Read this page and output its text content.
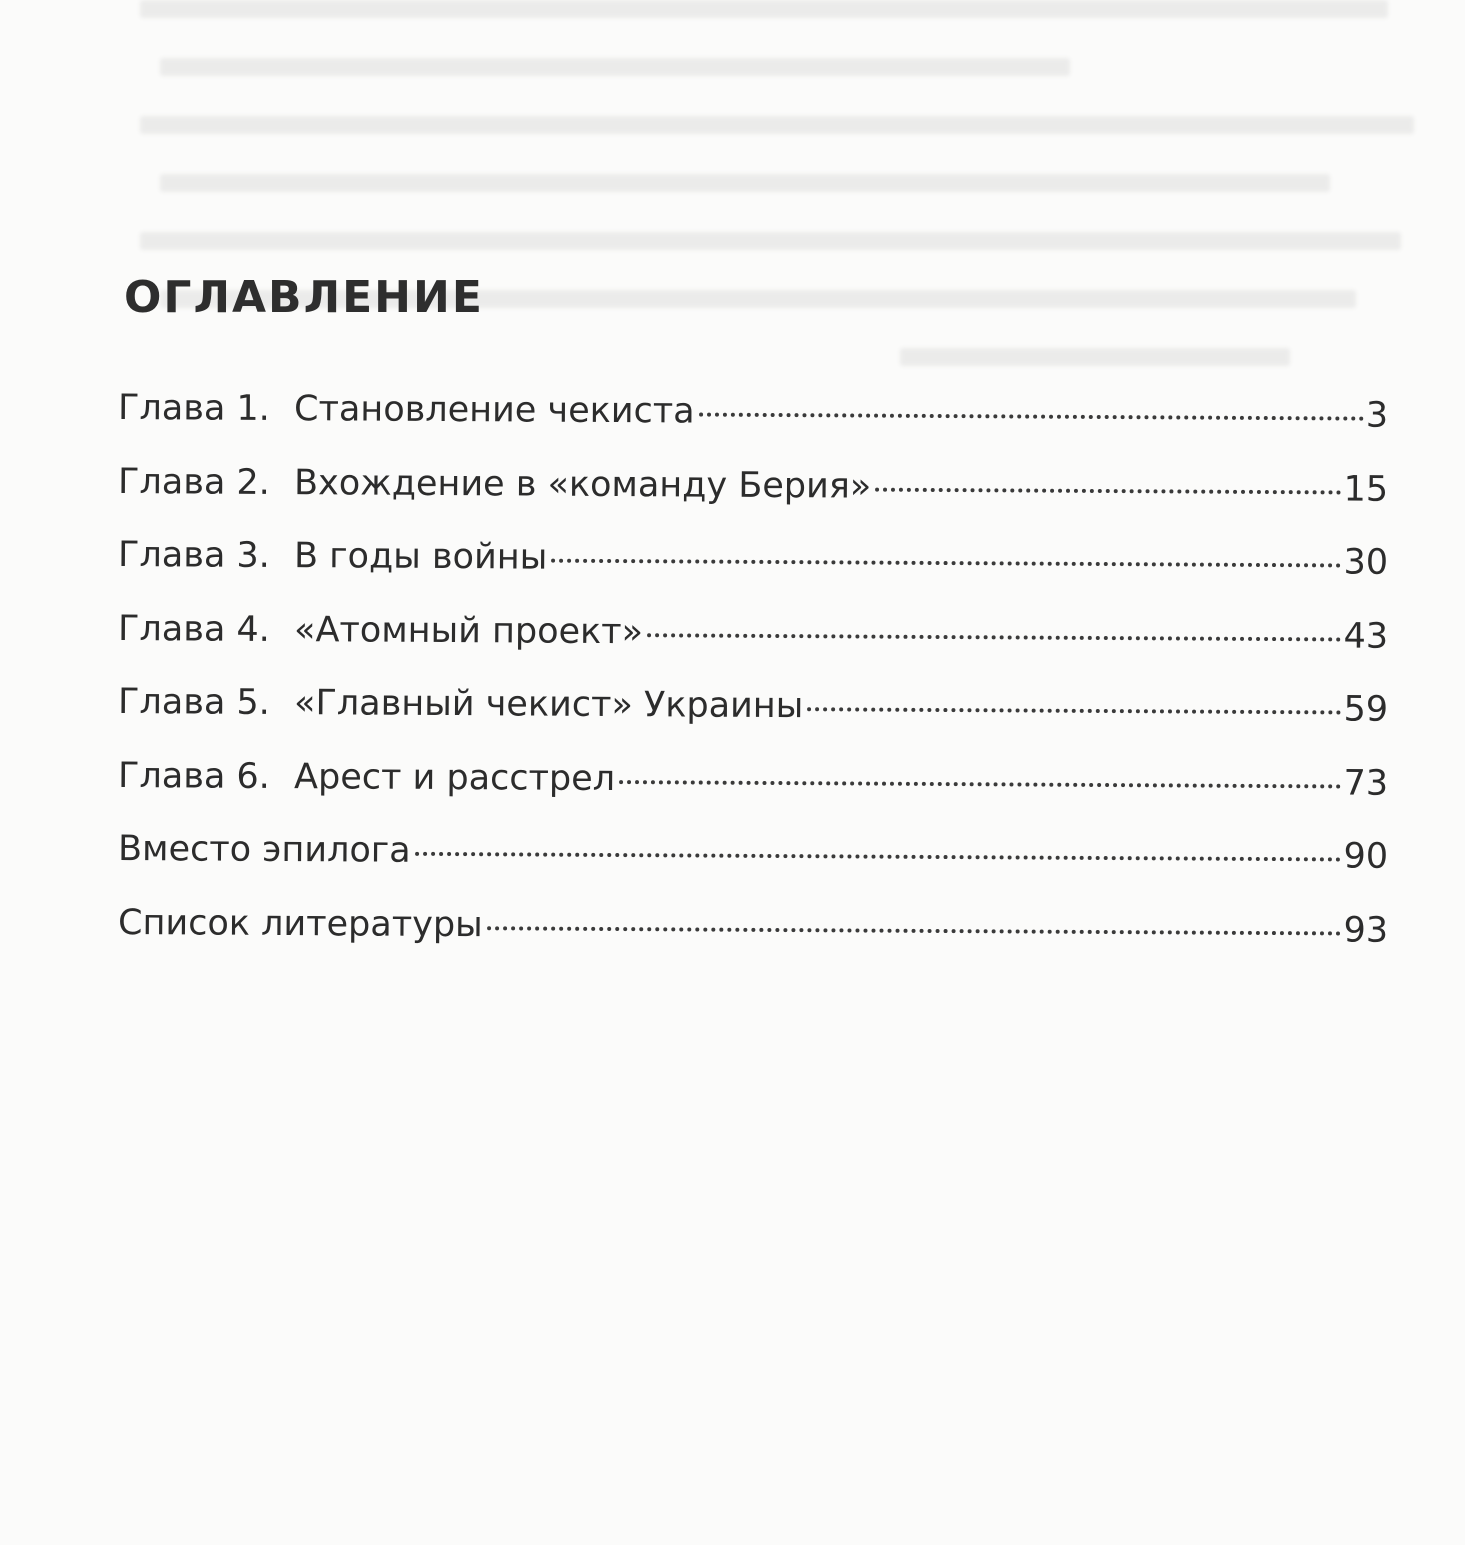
ОГЛАВЛЕНИЕ
Глава 1. Становление чекиста	3
Глава 2. Вхождение в «команду Берия»	15
Глава 3. В годы войны	30
Глава 4. «Атомный проект»	43
Глава 5. «Главный чекист» Украины	59
Глава 6. Арест и расстрел	73
Вместо эпилога	90
Список литературы	93
